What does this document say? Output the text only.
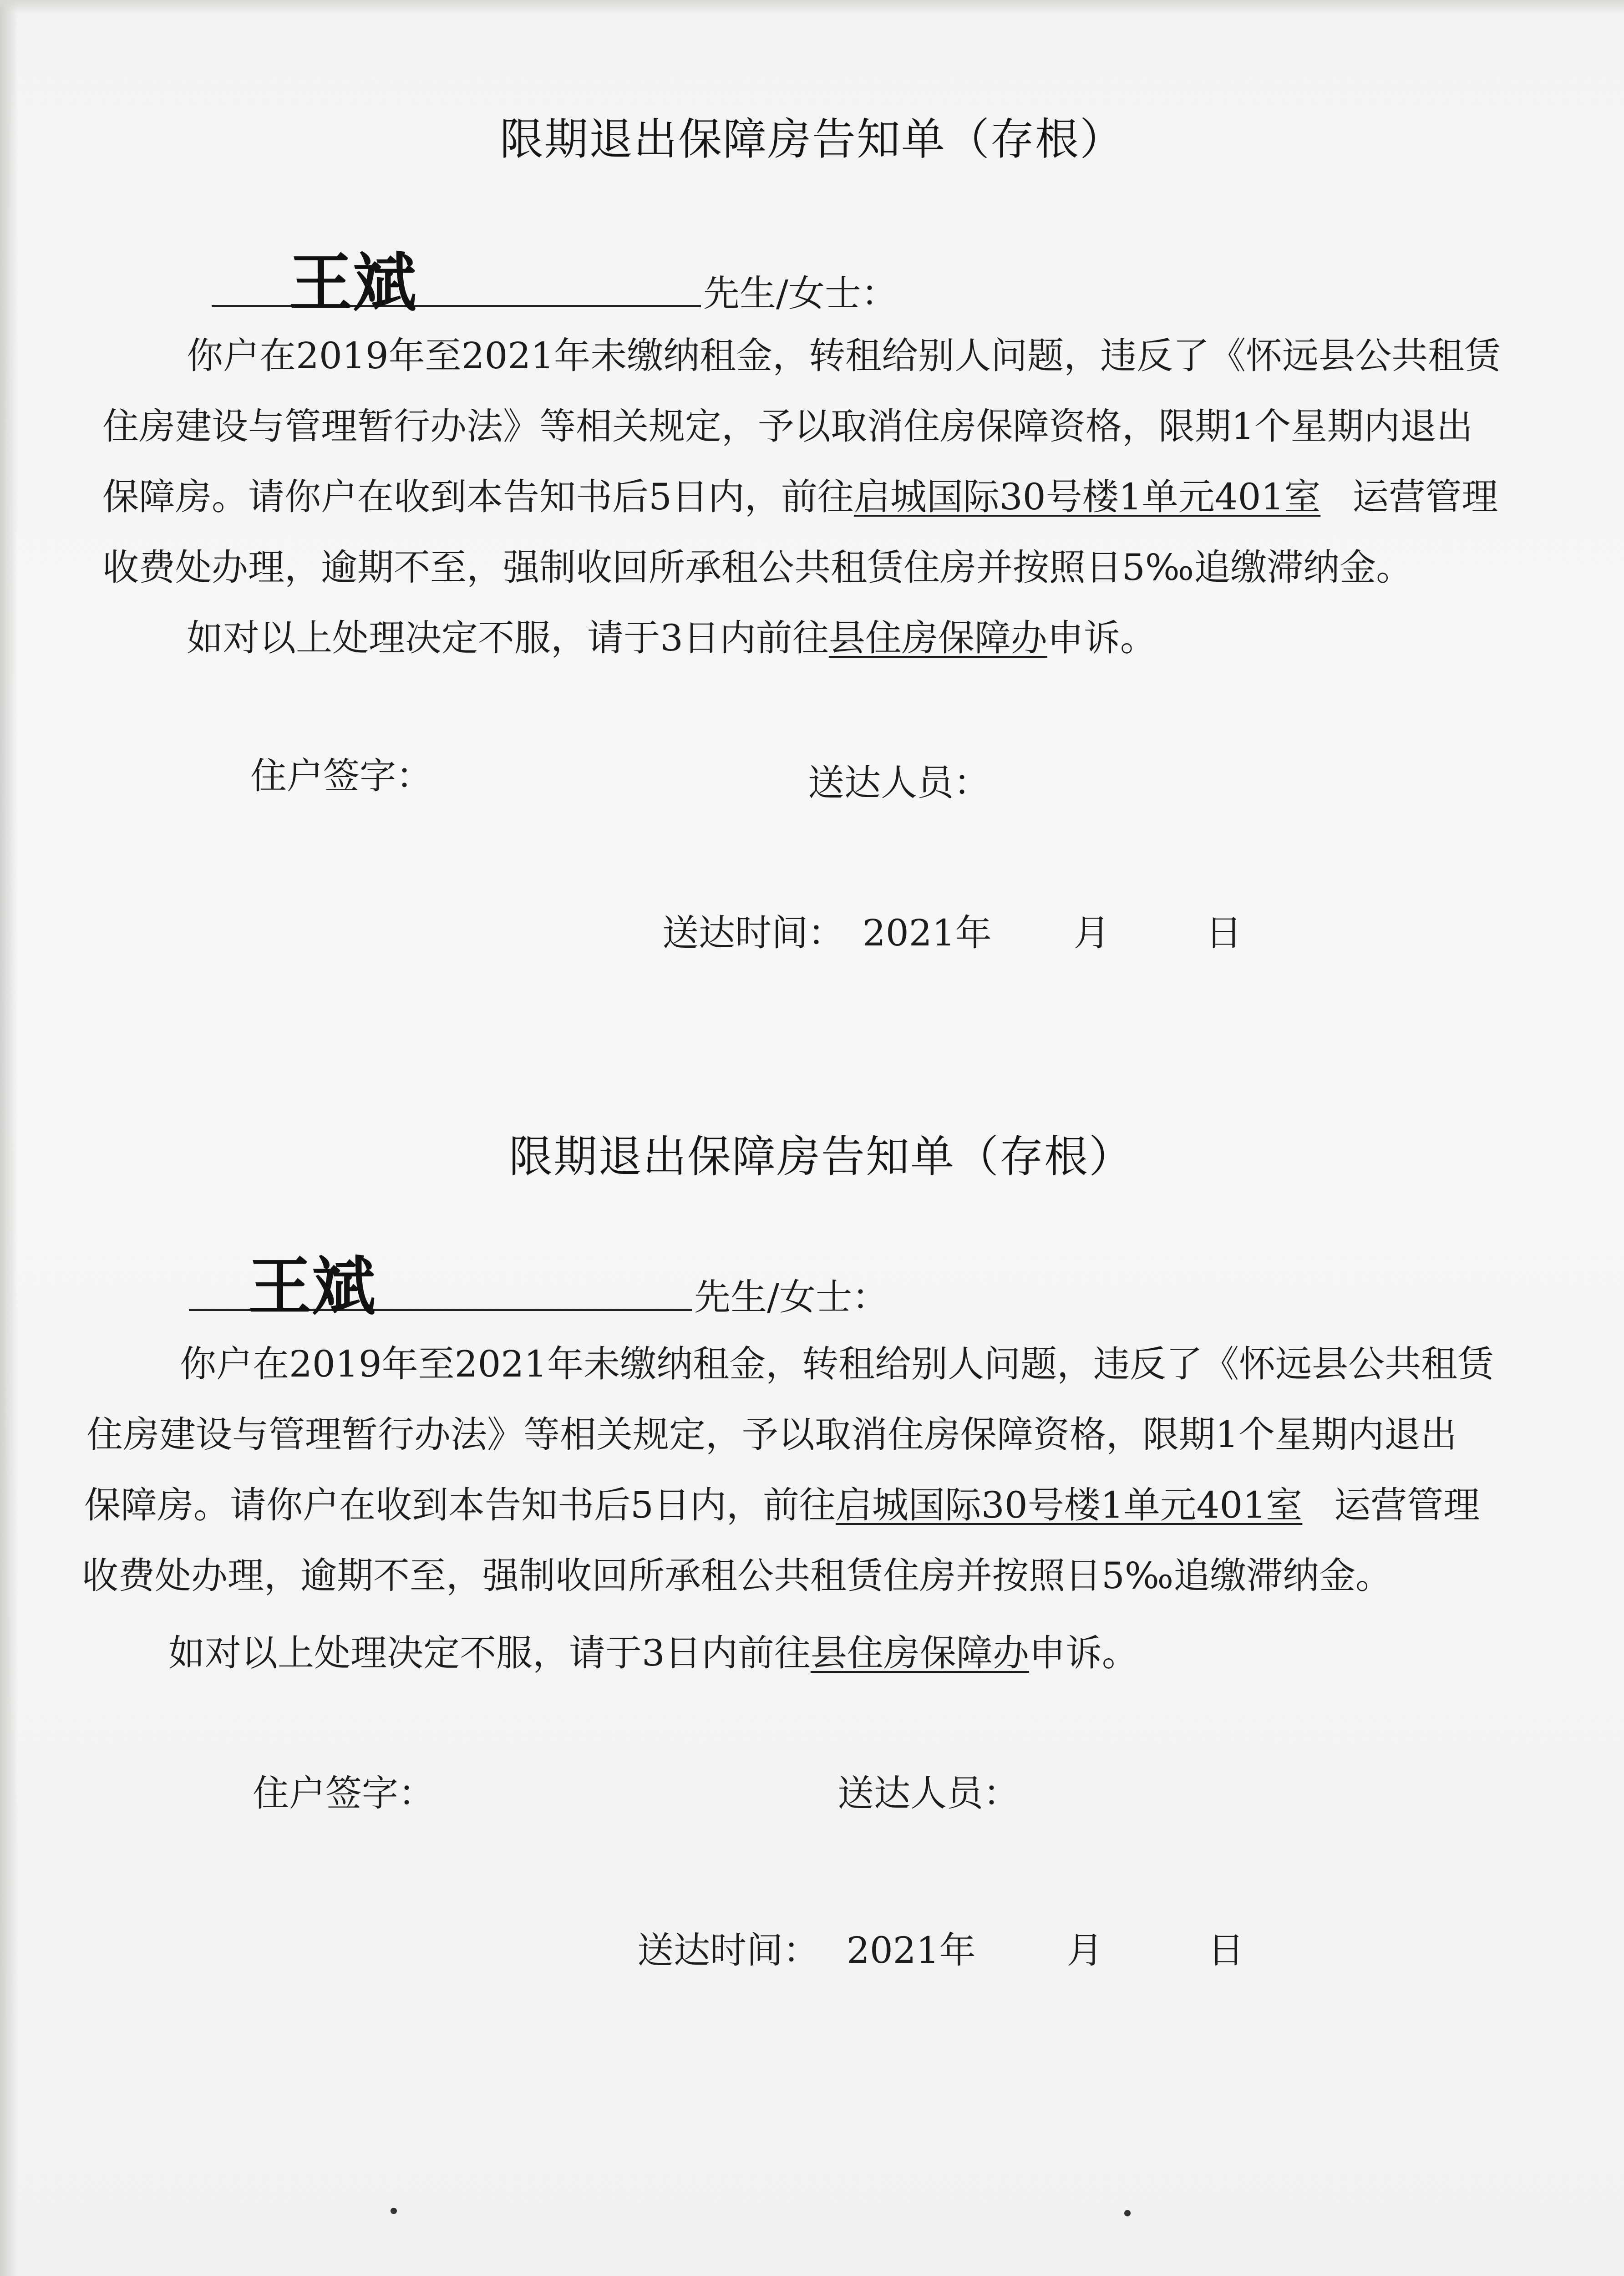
限期退出保障房告知单（存根）
王斌	先生/女士：
你户在2019年至2021年未缴纳租金，转租给别人问题，违反了《怀远县公共租赁
住房建设与管理暂行办法》等相关规定，予以取消住房保障资格，限期1个星期内退出
保障房。请你户在收到本告知书后5日内，前往启城国际30号楼1单元401室 运营管理
收费处办理，逾期不至，强制收回所承租公共租赁住房并按照日5‰追缴滞纳金。
如对以上处理决定不服，请于3日内前往县住房保障办申诉。
住户签字：	送达人员：
送达时间： 2021年 月	日

限期退出保障房告知单（存根）
王斌	先生/女士：
你户在2019年至2021年未缴纳租金，转租给别人问题，违反了《怀远县公共租赁
住房建设与管理暂行办法》等相关规定，予以取消住房保障资格，限期1个星期内退出
保障房。请你户在收到本告知书后5日内，前往启城国际30号楼1单元401室 运营管理
收费处办理，逾期不至，强制收回所承租公共租赁住房并按照日5‰追缴滞纳金。
如对以上处理决定不服，请于3日内前往县住房保障办申诉。
住户签字：	送达人员：
送达时间： 2021年	月	日
